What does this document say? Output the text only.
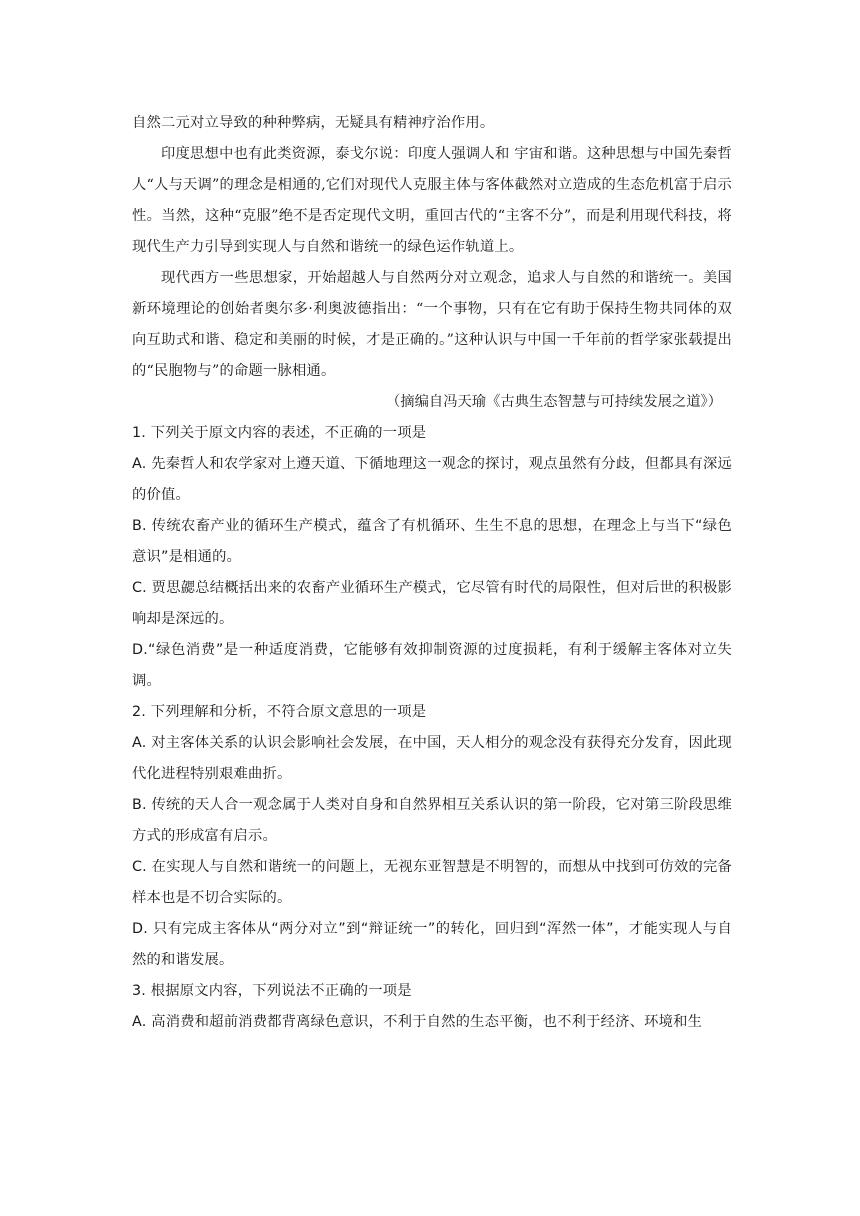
自然二元对立导致的种种弊病，无疑具有精神疗治作用。

印度思想中也有此类资源，泰戈尔说：印度人强调人和 宇宙和谐。这种思想与中国先秦哲人“人与天调”的理念是相通的,它们对现代人克服主体与客体截然对立造成的生态危机富于启示性。当然，这种“克服”绝不是否定现代文明，重回古代的“主客不分”，而是利用现代科技，将现代生产力引导到实现人与自然和谐统一的绿色运作轨道上。

现代西方一些思想家，开始超越人与自然两分对立观念，追求人与自然的和谐统一。美国新环境理论的创始者奥尔多·利奥波德指出：“一个事物，只有在它有助于保持生物共同体的双向互助式和谐、稳定和美丽的时候，才是正确的。”这种认识与中国一千年前的哲学家张载提出的“民胞物与”的命题一脉相通。

（摘编自冯天瑜《古典生态智慧与可持续发展之道》）

1. 下列关于原文内容的表述，不正确的一项是

A. 先秦哲人和农学家对上遵天道、下循地理这一观念的探讨，观点虽然有分歧，但都具有深远的价值。

B. 传统农畜产业的循环生产模式，蕴含了有机循环、生生不息的思想，在理念上与当下“绿色意识”是相通的。

C. 贾思勰总结概括出来的农畜产业循环生产模式，它尽管有时代的局限性，但对后世的积极影响却是深远的。

D.“绿色消费”是一种适度消费，它能够有效抑制资源的过度损耗，有利于缓解主客体对立失调。

2. 下列理解和分析，不符合原文意思的一项是

A. 对主客体关系的认识会影响社会发展，在中国，天人相分的观念没有获得充分发育，因此现代化进程特别艰难曲折。

B. 传统的天人合一观念属于人类对自身和自然界相互关系认识的第一阶段，它对第三阶段思维方式的形成富有启示。

C. 在实现人与自然和谐统一的问题上，无视东亚智慧是不明智的，而想从中找到可仿效的完备样本也是不切合实际的。

D. 只有完成主客体从“两分对立”到“辩证统一”的转化，回归到“浑然一体”，才能实现人与自然的和谐发展。

3. 根据原文内容，下列说法不正确的一项是

A. 高消费和超前消费都背离绿色意识，不利于自然的生态平衡，也不利于经济、环境和生
